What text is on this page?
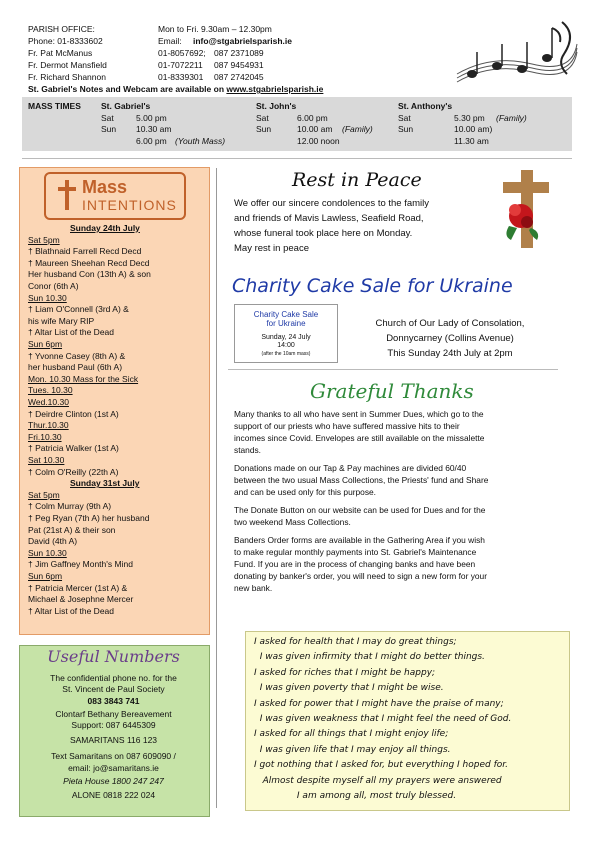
PARISH OFFICE:	Mon to Fri. 9.30am – 12.30pm
Phone: 01-8333602	Email: info@stgabrielsparish.ie
Fr. Pat McManus	01-8057692; 087 2371089
Fr. Dermot Mansfield	01-7072211 087 9454931
Fr. Richard Shannon	01-8339301 087 2742045
St. Gabriel's Notes and Webcam are available on www.stgabrielsparish.ie
MASS TIMES St. Gabriel's
Sat	5.00 pm
Sun 10.30 am
6.00 pm (Youth Mass)
St. John's
Sat	6.00 pm
Sun	10.00 am (Family)
12.00 noon
St. Anthony's
Sat	5.30 pm (Family)
Sun	10.00 am)
11.30 am
Mass
INTENTIONS
Sunday 24th July
Sat 5pm
† Blathnaid Farrell Recd Decd
† Maureen Sheehan Recd Decd
Her husband Con (13th A) & son
Conor (6th A)
Sun 10.30
† Liam O'Connell (3rd A) &
his wife Mary RIP
† Altar List of the Dead
Sun 6pm
† Yvonne Casey (8th A) &
her husband Paul (6th A)
Mon. 10.30 Mass for the Sick
Tues. 10.30
Wed.10.30
† Deirdre Clinton (1st A)
Thur.10.30
Fri.10.30
† Patricia Walker (1st A)
Sat 10.30
† Colm O'Reilly (22th A)
Sunday 31st July
Sat 5pm
† Colm Murray (9th A)
† Peg Ryan (7th A) her husband
Pat (21st A) & their son
David (4th A)
Sun 10.30
† Jim Gaffney Month's Mind
Sun 6pm
† Patricia Mercer (1st A) &
Michael & Josephne Mercer
† Altar List of the Dead
Useful Numbers
The confidential phone no. for the
St. Vincent de Paul Society
083 3843 741
Clontarf Bethany Bereavement
Support: 087 6445309
SAMARITANS 116 123
Text Samaritans on 087 609090 /
email: jo@samaritans.ie
Pieta House 1800 247 247
ALONE 0818 222 024
Rest in Peace
We offer our sincere condolences to the family
and friends of Mavis Lawless, Seafield Road,
whose funeral took place here on Monday.
May rest in peace
Charity Cake Sale for Ukraine
Charity Cake Sale
for Ukraine
Sunday, 24 July
14:00
(after the 10am mass)
Church of Our Lady of Consolation,
Donnycarney (Collins Avenue)
This Sunday 24th July at 2pm
Grateful Thanks
Many thanks to all who have sent in Summer Dues, which go to the
support of our priests who have suffered massive hits to their
incomes since Covid. Envelopes are still available on the missalette
stands.
Donations made on our Tap & Pay machines are divided 60/40
between the two usual Mass Collections, the Priests' fund and Share
and can be used only for this purpose.
The Donate Button on our website can be used for Dues and for the
two weekend Mass Collections.
Banders Order forms are available in the Gathering Area if you wish
to make regular monthly payments into St. Gabriel's Maintenance
Fund. If you are in the process of changing banks and have been
donating by banker's order, you will need to sign a new form for your
new bank.
I asked for health that I may do great things;
I was given infirmity that I might do better things.
I asked for riches that I might be happy;
I was given poverty that I might be wise.
I asked for power that I might have the praise of many;
I was given weakness that I might feel the need of God.
I asked for all things that I might enjoy life;
I was given life that I may enjoy all things.
I got nothing that I asked for, but everything I hoped for.
Almost despite myself all my prayers were answered
I am among all, most truly blessed.
